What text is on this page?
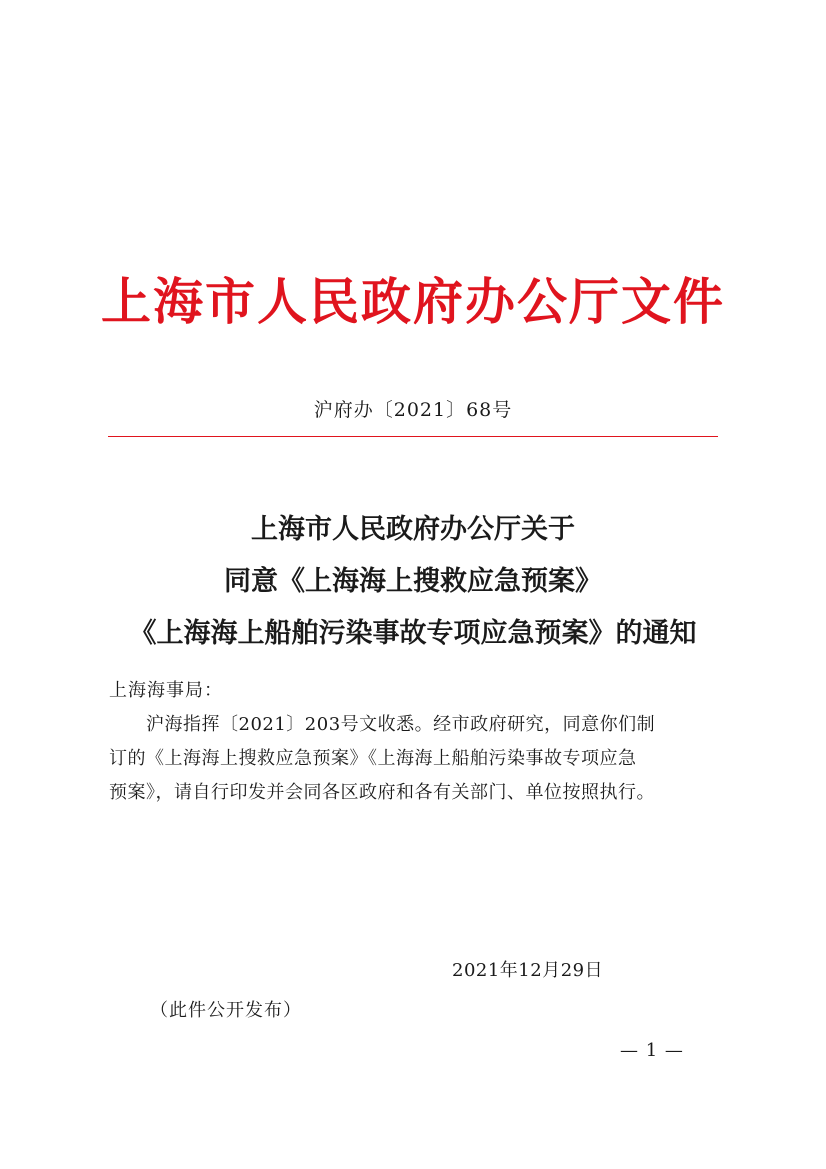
上海市人民政府办公厅文件
沪府办〔2021〕68号
上海市人民政府办公厅关于
同意《上海海上搜救应急预案》
《上海海上船舶污染事故专项应急预案》的通知
上海海事局：
　　沪海指挥〔2021〕203号文收悉。经市政府研究，同意你们制
订的《上海海上搜救应急预案》《上海海上船舶污染事故专项应急
预案》，请自行印发并会同各区政府和各有关部门、单位按照执行。
2021年12月29日
（此件公开发布）
— 1 —
